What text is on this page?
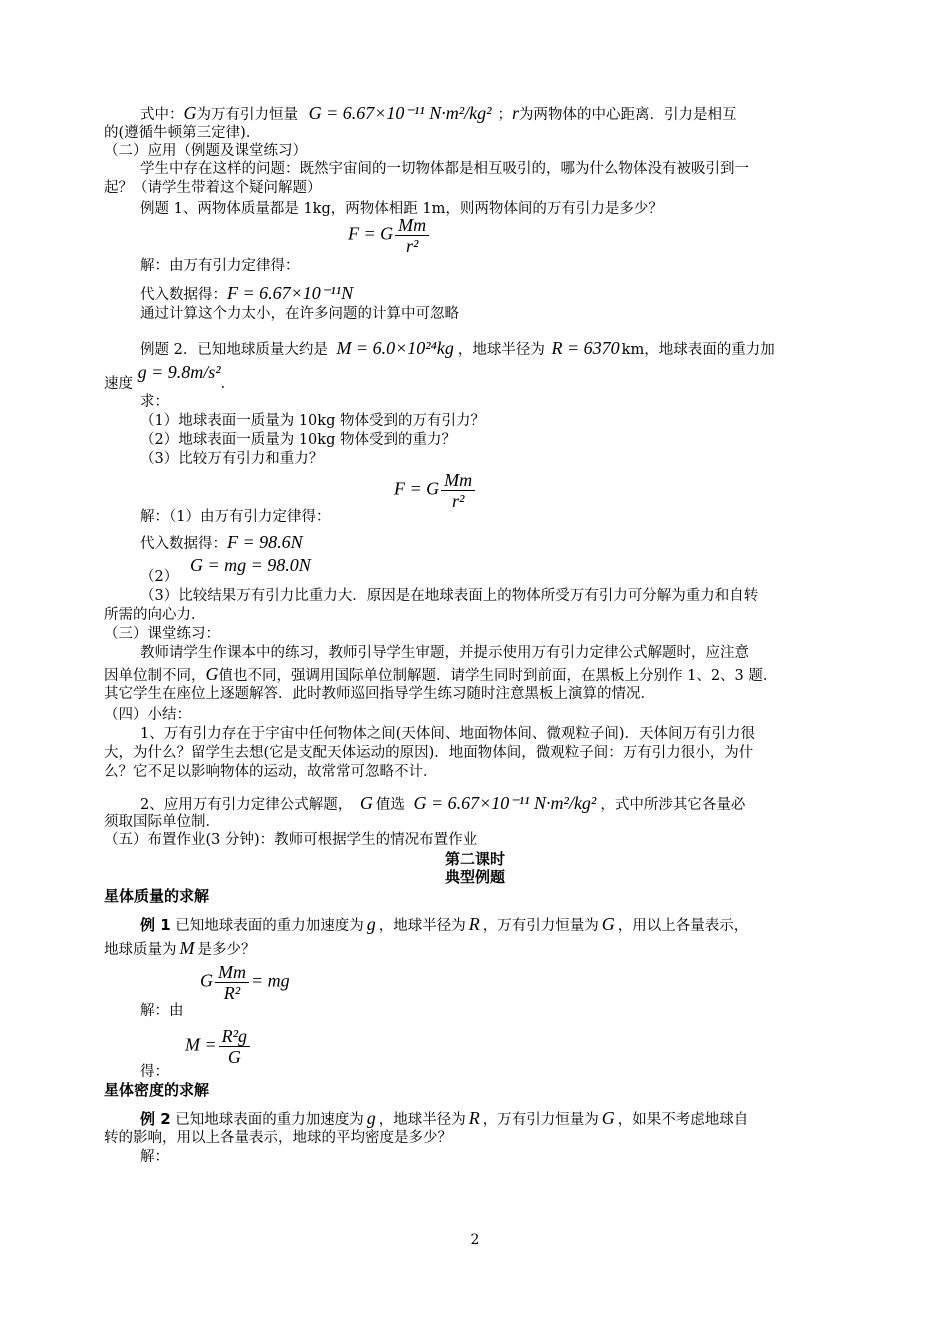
式中：G为万有引力恒量 G = 6.67×10⁻¹¹ N·m²/kg² ；r为两物体的中心距离．引力是相互
的(遵循牛顿第三定律)．
（二）应用（例题及课堂练习）
学生中存在这样的问题：既然宇宙间的一切物体都是相互吸引的，哪为什么物体没有被吸引到一
起？（请学生带着这个疑问解题）
例题 1、两物体质量都是 1kg，两物体相距 1m，则两物体间的万有引力是多少？
F = G $\frac{Mm}{\text{r²}}$
解：由万有引力定律得：
代入数据得：F = 6.67×10⁻¹¹N
通过计算这个力太小，在许多问题的计算中可忽略
例题 2．已知地球质量大约是 M = 6.0×10²⁴kg ，地球半径为 R = 6370 km，地球表面的重力加
速度 g = 9.8m/s²．
求：
（1）地球表面一质量为 10kg 物体受到的万有引力？
（2）地球表面一质量为 10kg 物体受到的重力？
（3）比较万有引力和重力？
F = G $\frac{Mm}{\text{r²}}$
解：（1）由万有引力定律得：
代入数据得：F = 98.6N
G = mg = 98.0N
（2）
（3）比较结果万有引力比重力大．原因是在地球表面上的物体所受万有引力可分解为重力和自转
所需的向心力．
（三）课堂练习：
教师请学生作课本中的练习，教师引导学生审题，并提示使用万有引力定律公式解题时，应注意
因单位制不同，G值也不同，强调用国际单位制解题．请学生同时到前面，在黑板上分别作 1、2、3 题．
其它学生在座位上逐题解答．此时教师巡回指导学生练习随时注意黑板上演算的情况．
（四）小结：
1、万有引力存在于宇宙中任何物体之间(天体间、地面物体间、微观粒子间)．天体间万有引力很
大，为什么？留学生去想(它是支配天体运动的原因)．地面物体间，微观粒子间：万有引力很小，为什
么？它不足以影响物体的运动，故常常可忽略不计．
2、应用万有引力定律公式解题， G 值选 G = 6.67×10⁻¹¹ N·m²/kg² ，式中所涉其它各量必
须取国际单位制．
（五）布置作业(3 分钟)：教师可根据学生的情况布置作业
第二课时
典型例题
星体质量的求解
例 1 已知地球表面的重力加速度为 g ，地球半径为 R ，万有引力恒量为 G ，用以上各量表示，
地球质量为 M 是多少？
G $\frac{Mm}{\text{R²}}$ = mg
解：由
$M = \frac{\text{R²g}}{G}$
得：
星体密度的求解
例 2 已知地球表面的重力加速度为 g ，地球半径为 R ，万有引力恒量为 G ，如果不考虑地球自
转的影响，用以上各量表示，地球的平均密度是多少？
解：
2
